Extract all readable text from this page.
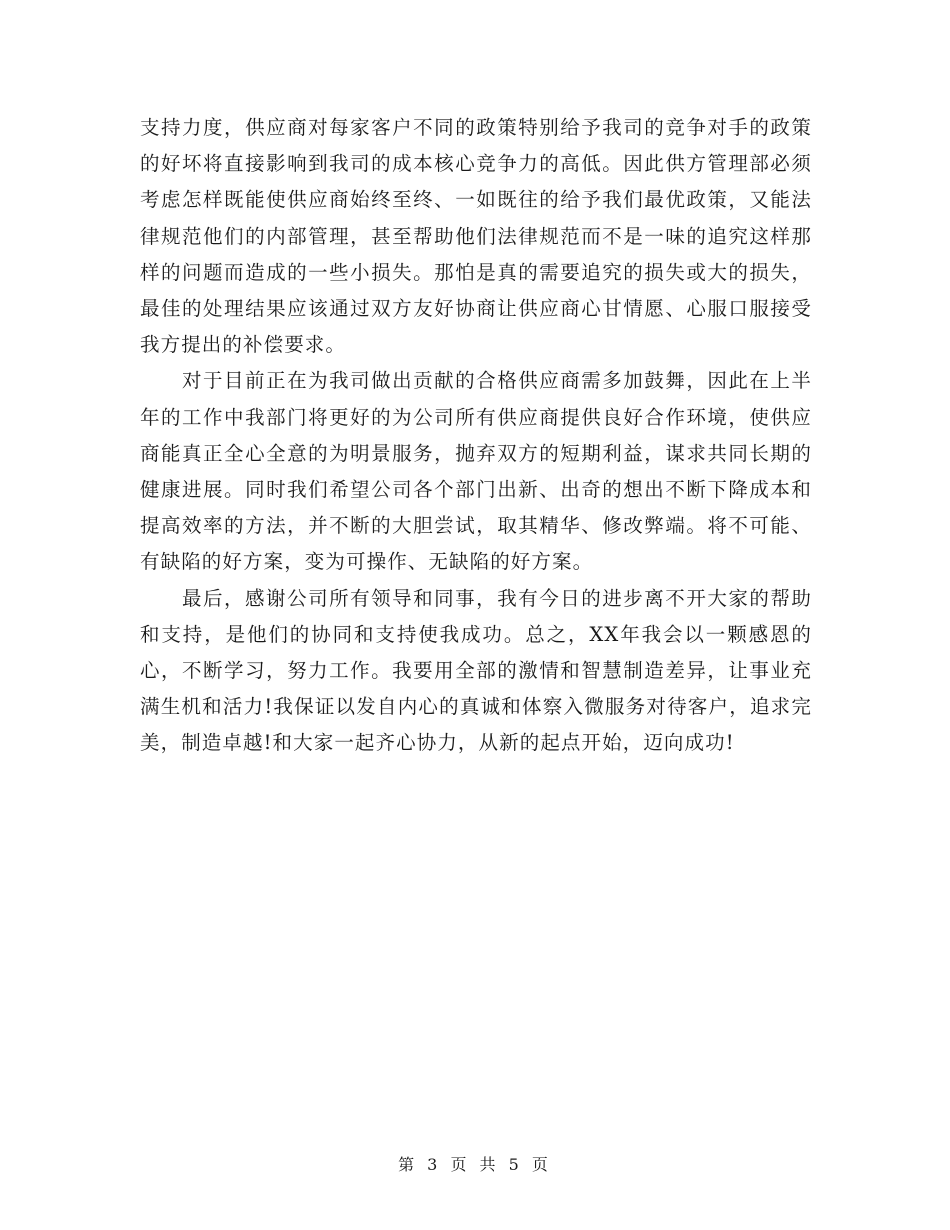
支持力度，供应商对每家客户不同的政策特别给予我司的竞争对手的政策的好坏将直接影响到我司的成本核心竞争力的高低。因此供方管理部必须考虑怎样既能使供应商始终至终、一如既往的给予我们最优政策，又能法律规范他们的内部管理，甚至帮助他们法律规范而不是一味的追究这样那样的问题而造成的一些小损失。那怕是真的需要追究的损失或大的损失，最佳的处理结果应该通过双方友好协商让供应商心甘情愿、心服口服接受我方提出的补偿要求。

对于目前正在为我司做出贡献的合格供应商需多加鼓舞，因此在上半年的工作中我部门将更好的为公司所有供应商提供良好合作环境，使供应商能真正全心全意的为明景服务，抛弃双方的短期利益，谋求共同长期的健康进展。同时我们希望公司各个部门出新、出奇的想出不断下降成本和提高效率的方法，并不断的大胆尝试，取其精华、修改弊端。将不可能、有缺陷的好方案，变为可操作、无缺陷的好方案。

最后，感谢公司所有领导和同事，我有今日的进步离不开大家的帮助和支持，是他们的协同和支持使我成功。总之，XX年我会以一颗感恩的心，不断学习，努力工作。我要用全部的激情和智慧制造差异，让事业充满生机和活力!我保证以发自内心的真诚和体察入微服务对待客户，追求完美，制造卓越!和大家一起齐心协力，从新的起点开始，迈向成功!

第 3 页 共 5 页
